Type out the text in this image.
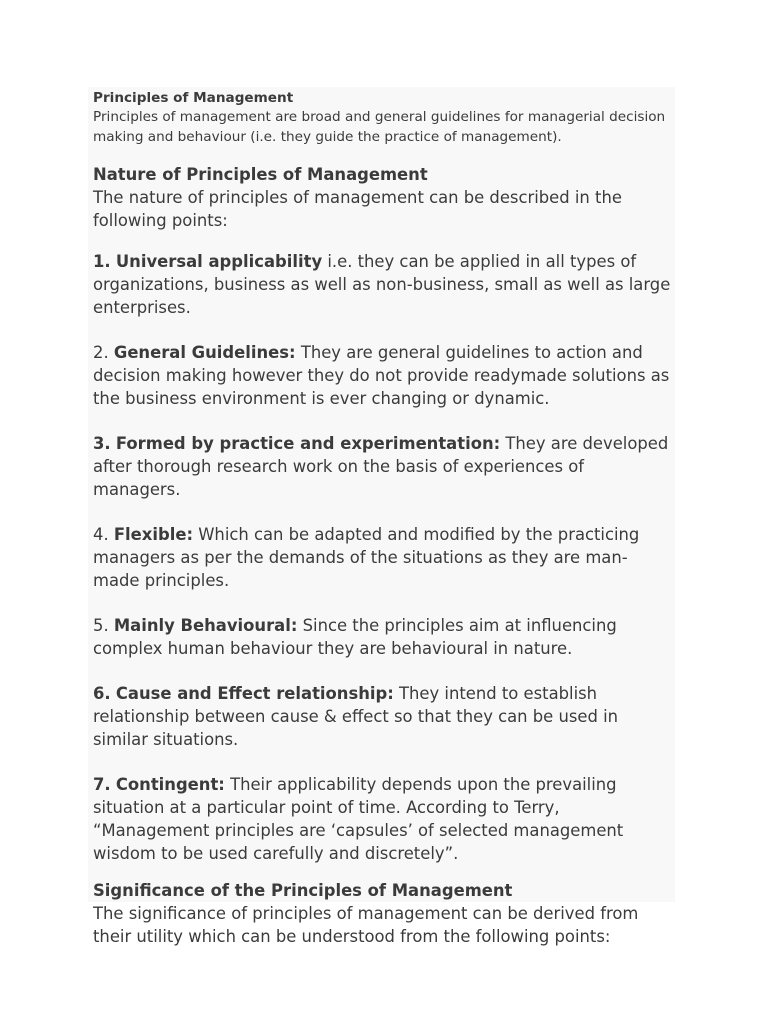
Principles of Management

Principles of management are broad and general guidelines for managerial decision making and behaviour (i.e. they guide the practice of management).

Nature of Principles of Management

The nature of principles of management can be described in the following points:

1. Universal applicability i.e. they can be applied in all types of organizations, business as well as non-business, small as well as large enterprises.

2. General Guidelines: They are general guidelines to action and decision making however they do not provide readymade solutions as the business environment is ever changing or dynamic.

3. Formed by practice and experimentation: They are developed after thorough research work on the basis of experiences of managers.

4. Flexible: Which can be adapted and modified by the practicing managers as per the demands of the situations as they are man-made principles.

5. Mainly Behavioural: Since the principles aim at influencing complex human behaviour they are behavioural in nature.

6. Cause and Effect relationship: They intend to establish relationship between cause & effect so that they can be used in similar situations.

7. Contingent: Their applicability depends upon the prevailing situation at a particular point of time. According to Terry, “Management principles are ‘capsules’ of selected management wisdom to be used carefully and discretely”.

Significance of the Principles of Management

The significance of principles of management can be derived from their utility which can be understood from the following points:
